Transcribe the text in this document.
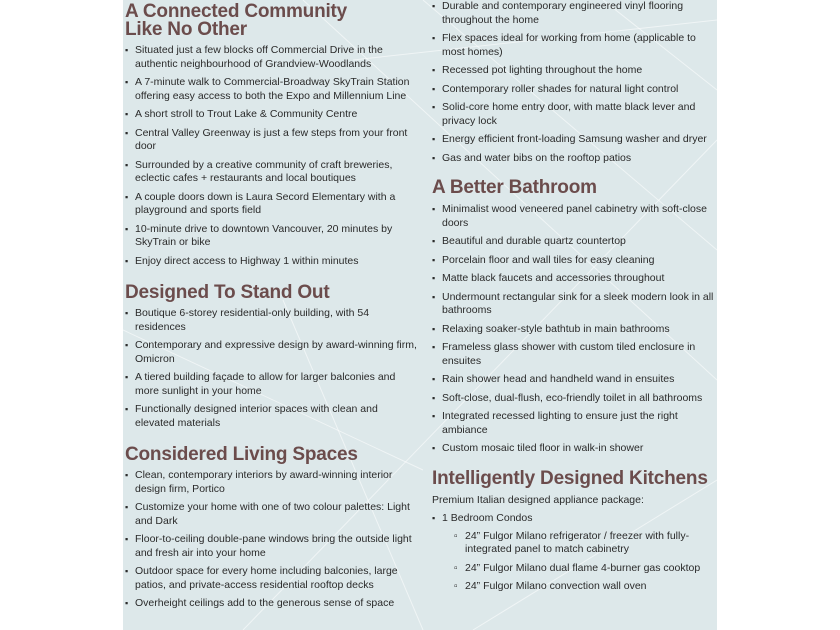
A Connected Community
Like No Other
▪ Situated just a few blocks off Commercial Drive in the authentic neighbourhood of Grandview-Woodlands
▪ A 7-minute walk to Commercial-Broadway SkyTrain Station offering easy access to both the Expo and Millennium Line
▪ A short stroll to Trout Lake & Community Centre
▪ Central Valley Greenway is just a few steps from your front door
▪ Surrounded by a creative community of craft breweries, eclectic cafes + restaurants and local boutiques
▪ A couple doors down is Laura Secord Elementary with a playground and sports field
▪ 10-minute drive to downtown Vancouver, 20 minutes by SkyTrain or bike
▪ Enjoy direct access to Highway 1 within minutes
Designed To Stand Out
▪ Boutique 6-storey residential-only building, with 54 residences
▪ Contemporary and expressive design by award-winning firm, Omicron
▪ A tiered building façade to allow for larger balconies and more sunlight in your home
▪ Functionally designed interior spaces with clean and elevated materials
Considered Living Spaces
▪ Clean, contemporary interiors by award-winning interior design firm, Portico
▪ Customize your home with one of two colour palettes: Light and Dark
▪ Floor-to-ceiling double-pane windows bring the outside light and fresh air into your home
▪ Outdoor space for every home including balconies, large patios, and private-access residential rooftop decks
▪ Overheight ceilings add to the generous sense of space
▪ Durable and contemporary engineered vinyl flooring throughout the home
▪ Flex spaces ideal for working from home (applicable to most homes)
▪ Recessed pot lighting throughout the home
▪ Contemporary roller shades for natural light control
▪ Solid-core home entry door, with matte black lever and privacy lock
▪ Energy efficient front-loading Samsung washer and dryer
▪ Gas and water bibs on the rooftop patios
A Better Bathroom
▪ Minimalist wood veneered panel cabinetry with soft-close doors
▪ Beautiful and durable quartz countertop
▪ Porcelain floor and wall tiles for easy cleaning
▪ Matte black faucets and accessories throughout
▪ Undermount rectangular sink for a sleek modern look in all bathrooms
▪ Relaxing soaker-style bathtub in main bathrooms
▪ Frameless glass shower with custom tiled enclosure in ensuites
▪ Rain shower head and handheld wand in ensuites
▪ Soft-close, dual-flush, eco-friendly toilet in all bathrooms
▪ Integrated recessed lighting to ensure just the right ambiance
▪ Custom mosaic tiled floor in walk-in shower
Intelligently Designed Kitchens
Premium Italian designed appliance package:
▪ 1 Bedroom Condos
▫ 24” Fulgor Milano refrigerator / freezer with fully-integrated panel to match cabinetry
▫ 24” Fulgor Milano dual flame 4-burner gas cooktop
▫ 24” Fulgor Milano convection wall oven
